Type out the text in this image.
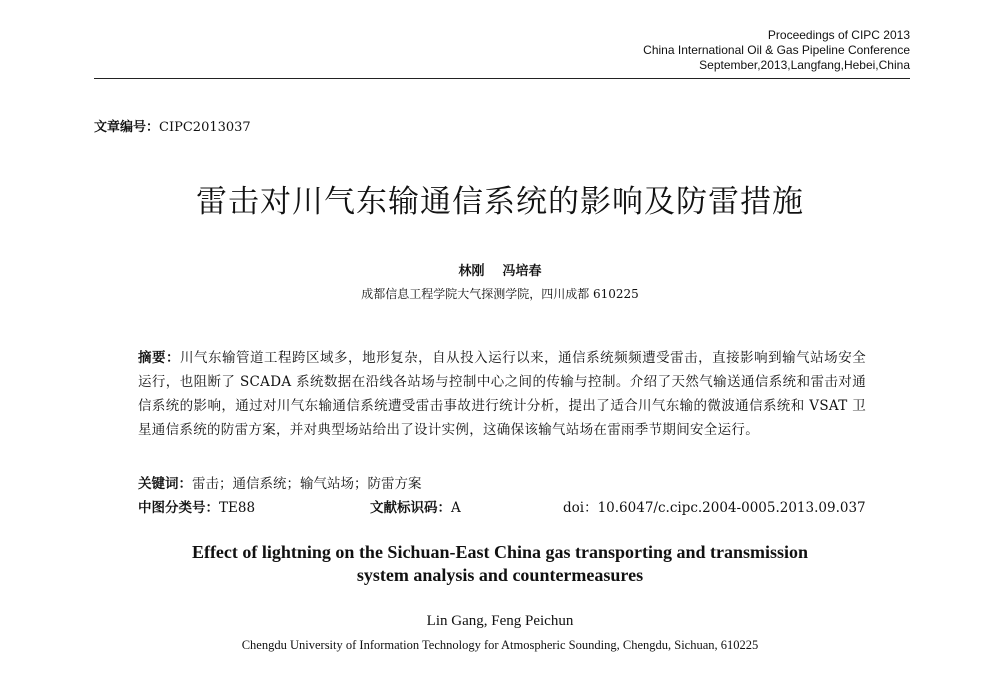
Proceedings of CIPC 2013
China International Oil & Gas Pipeline Conference
September,2013,Langfang,Hebei,China
文章编号：CIPC2013037
雷击对川气东输通信系统的影响及防雷措施
林刚 冯培春
成都信息工程学院大气探测学院，四川成都 610225
摘要：川气东输管道工程跨区域多，地形复杂，自从投入运行以来，通信系统频频遭受雷击，直接影响到输气站场安全运行，也阻断了 SCADA 系统数据在沿线各站场与控制中心之间的传输与控制。介绍了天然气输送通信系统和雷击对通信系统的影响，通过对川气东输通信系统遭受雷击事故进行统计分析，提出了适合川气东输的微波通信系统和 VSAT 卫星通信系统的防雷方案，并对典型场站给出了设计实例，这确保该输气站场在雷雨季节期间安全运行。
关键词：雷击；通信系统；输气站场；防雷方案
中图分类号：TE88	文献标识码：A	doi：10.6047/c.cipc.2004-0005.2013.09.037
Effect of lightning on the Sichuan-East China gas transporting and transmission
system analysis and countermeasures
Lin Gang, Feng Peichun
Chengdu University of Information Technology for Atmospheric Sounding, Chengdu, Sichuan, 610225
